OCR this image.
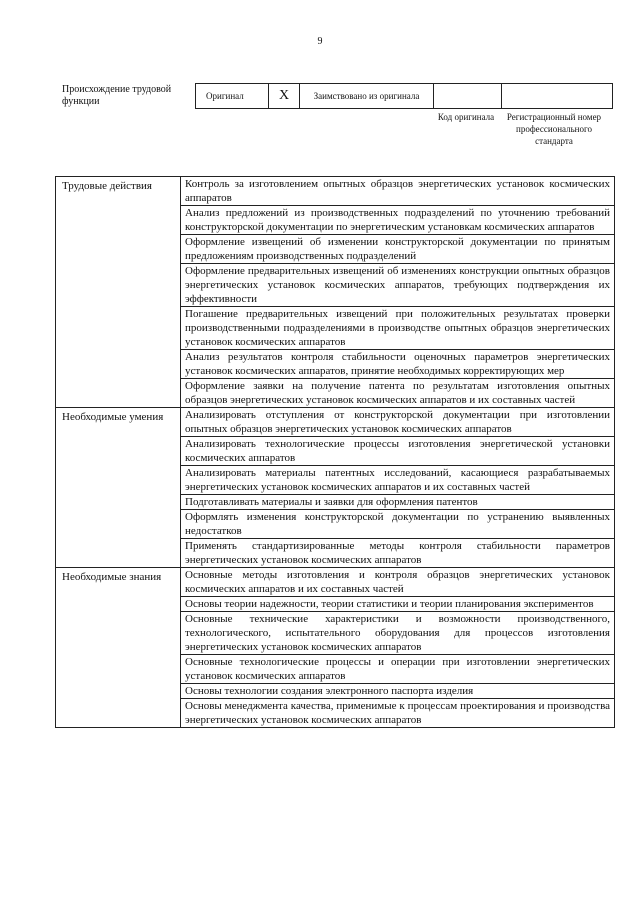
9
Происхождение трудовой функции	Оригинал	X	Заимствовано из оригинала		
Код оригинала	Регистрационный номер профессионального стандарта
Трудовые действия	Контроль за изготовлением опытных образцов энергетических установок космических аппаратов
	Анализ предложений из производственных подразделений по уточнению требований конструкторской документации по энергетическим установкам космических аппаратов
	Оформление извещений об изменении конструкторской документации по принятым предложениям производственных подразделений
	Оформление предварительных извещений об изменениях конструкции опытных образцов энергетических установок космических аппаратов, требующих подтверждения их эффективности
	Погашение предварительных извещений при положительных результатах проверки производственными подразделениями в производстве опытных образцов энергетических установок космических аппаратов
	Анализ результатов контроля стабильности оценочных параметров энергетических установок космических аппаратов, принятие необходимых корректирующих мер
	Оформление заявки на получение патента по результатам изготовления опытных образцов энергетических установок космических аппаратов и их составных частей
Необходимые умения	Анализировать отступления от конструкторской документации при изготовлении опытных образцов энергетических установок космических аппаратов
	Анализировать технологические процессы изготовления энергетической установки космических аппаратов
	Анализировать материалы патентных исследований, касающиеся разрабатываемых энергетических установок космических аппаратов и их составных частей
	Подготавливать материалы и заявки для оформления патентов
	Оформлять изменения конструкторской документации по устранению выявленных недостатков
	Применять стандартизированные методы контроля стабильности параметров энергетических установок космических аппаратов
Необходимые знания	Основные методы изготовления и контроля образцов энергетических установок космических аппаратов и их составных частей
	Основы теории надежности, теории статистики и теории планирования экспериментов
	Основные технические характеристики и возможности производственного, технологического, испытательного оборудования для процессов изготовления энергетических установок космических аппаратов
	Основные технологические процессы и операции при изготовлении энергетических установок космических аппаратов
	Основы технологии создания электронного паспорта изделия
	Основы менеджмента качества, применимые к процессам проектирования и производства энергетических установок космических аппаратов
